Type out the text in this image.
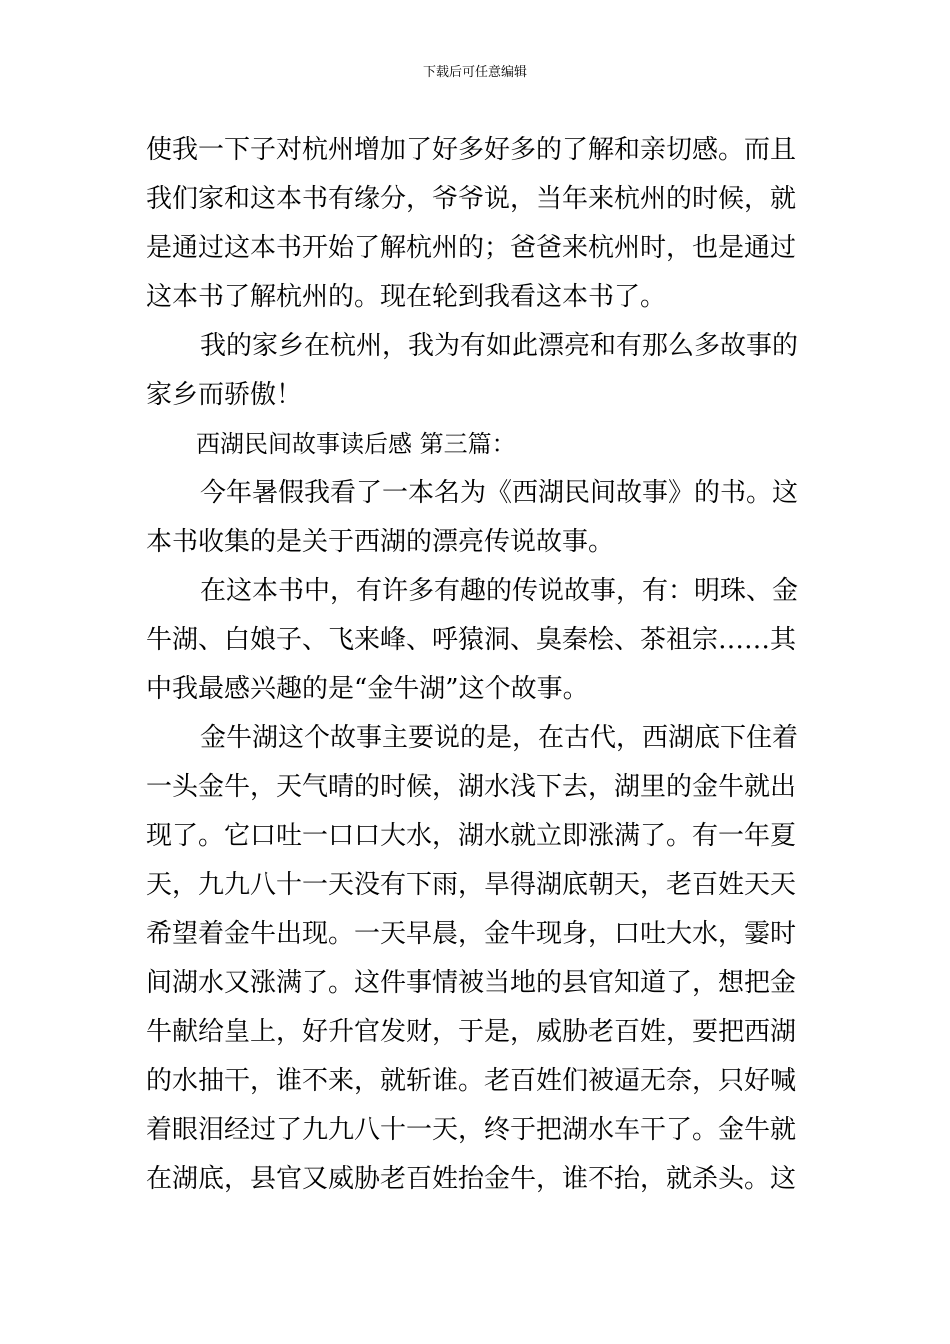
下载后可任意编辑
使我一下子对杭州增加了好多好多的了解和亲切感。而且
我们家和这本书有缘分，爷爷说，当年来杭州的时候，就
是通过这本书开始了解杭州的；爸爸来杭州时，也是通过
这本书了解杭州的。现在轮到我看这本书了。
我的家乡在杭州，我为有如此漂亮和有那么多故事的
家乡而骄傲！
西湖民间故事读后感 第三篇：
今年暑假我看了一本名为《西湖民间故事》的书。这
本书收集的是关于西湖的漂亮传说故事。
在这本书中，有许多有趣的传说故事，有：明珠、金
牛湖、白娘子、飞来峰、呼猿洞、臭秦桧、茶祖宗……其
中我最感兴趣的是“金牛湖”这个故事。
金牛湖这个故事主要说的是，在古代，西湖底下住着
一头金牛，天气晴的时候，湖水浅下去，湖里的金牛就出
现了。它口吐一口口大水，湖水就立即涨满了。有一年夏
天，九九八十一天没有下雨，旱得湖底朝天，老百姓天天
希望着金牛出现。一天早晨，金牛现身，口吐大水，霎时
间湖水又涨满了。这件事情被当地的县官知道了，想把金
牛献给皇上，好升官发财，于是，威胁老百姓，要把西湖
的水抽干，谁不来，就斩谁。老百姓们被逼无奈，只好喊
着眼泪经过了九九八十一天，终于把湖水车干了。金牛就
在湖底，县官又威胁老百姓抬金牛，谁不抬，就杀头。这
